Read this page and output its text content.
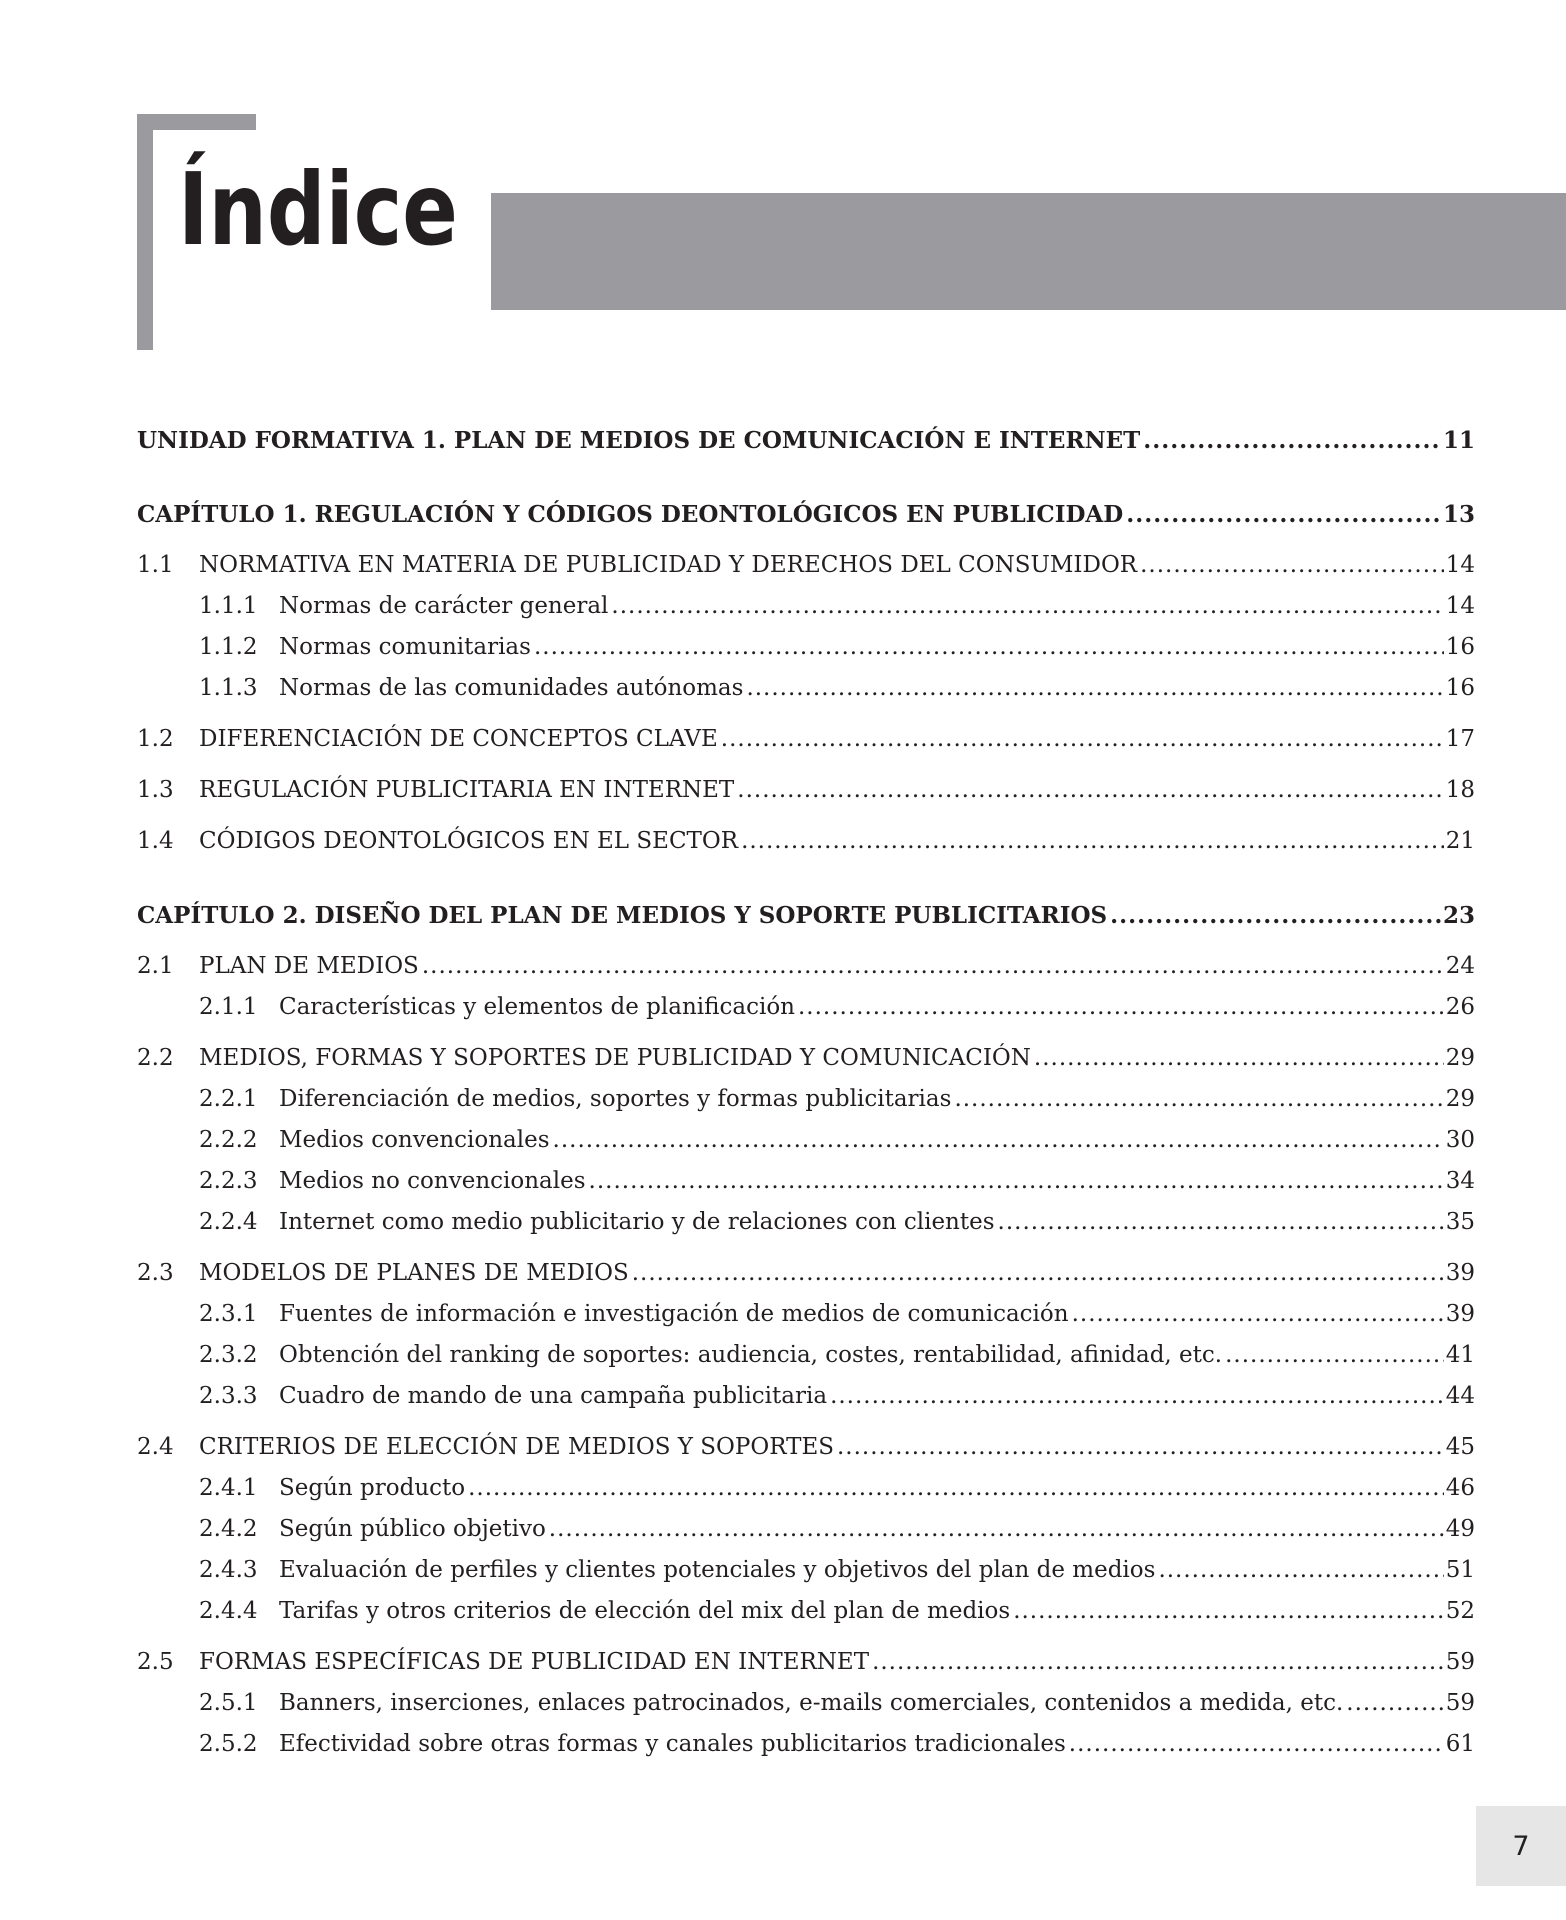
Índice
UNIDAD FORMATIVA 1. PLAN DE MEDIOS DE COMUNICACIÓN E INTERNET .....	11
CAPÍTULO 1. REGULACIÓN Y CÓDIGOS DEONTOLÓGICOS EN PUBLICIDAD .....	13
1.1	NORMATIVA EN MATERIA DE PUBLICIDAD Y DERECHOS DEL CONSUMIDOR .....	14
1.1.1 Normas de carácter general .....	14
1.1.2 Normas comunitarias .....	16
1.1.3 Normas de las comunidades autónomas .....	16
1.2	DIFERENCIACIÓN DE CONCEPTOS CLAVE .....	17
1.3	REGULACIÓN PUBLICITARIA EN INTERNET .....	18
1.4	CÓDIGOS DEONTOLÓGICOS EN EL SECTOR .....	21
CAPÍTULO 2. DISEÑO DEL PLAN DE MEDIOS Y SOPORTE PUBLICITARIOS .....	23
2.1	PLAN DE MEDIOS .....	24
2.1.1 Características y elementos de planificación .....	26
2.2	MEDIOS, FORMAS Y SOPORTES DE PUBLICIDAD Y COMUNICACIÓN .....	29
2.2.1 Diferenciación de medios, soportes y formas publicitarias .....	29
2.2.2 Medios convencionales .....	30
2.2.3 Medios no convencionales .....	34
2.2.4 Internet como medio publicitario y de relaciones con clientes .....	35
2.3	MODELOS DE PLANES DE MEDIOS .....	39
2.3.1 Fuentes de información e investigación de medios de comunicación .....	39
2.3.2 Obtención del ranking de soportes: audiencia, costes, rentabilidad, afinidad, etc. .....	41
2.3.3 Cuadro de mando de una campaña publicitaria .....	44
2.4	CRITERIOS DE ELECCIÓN DE MEDIOS Y SOPORTES .....	45
2.4.1 Según producto .....	46
2.4.2 Según público objetivo .....	49
2.4.3 Evaluación de perfiles y clientes potenciales y objetivos del plan de medios .....	51
2.4.4 Tarifas y otros criterios de elección del mix del plan de medios .....	52
2.5	FORMAS ESPECÍFICAS DE PUBLICIDAD EN INTERNET .....	59
2.5.1 Banners, inserciones, enlaces patrocinados, e-mails comerciales, contenidos a medida, etc. .....	59
2.5.2 Efectividad sobre otras formas y canales publicitarios tradicionales .....	61
7
